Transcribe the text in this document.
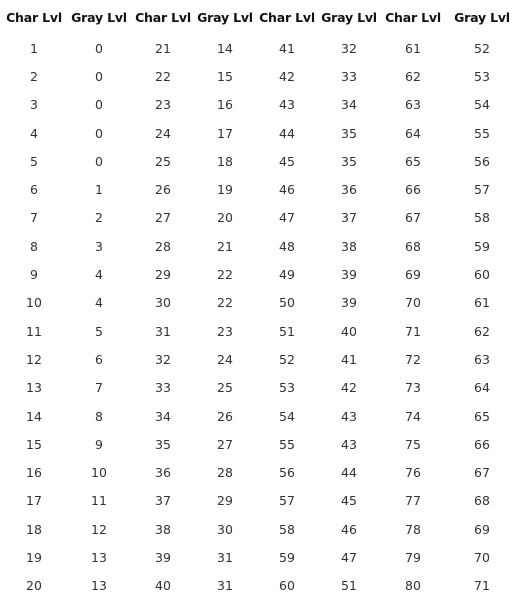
Char Lvl	Gray Lvl	Char Lvl	Gray Lvl	Char Lvl	Gray Lvl	Char Lvl	Gray Lvl
1	0	21	14	41	32	61	52
2	0	22	15	42	33	62	53
3	0	23	16	43	34	63	54
4	0	24	17	44	35	64	55
5	0	25	18	45	35	65	56
6	1	26	19	46	36	66	57
7	2	27	20	47	37	67	58
8	3	28	21	48	38	68	59
9	4	29	22	49	39	69	60
10	4	30	22	50	39	70	61
11	5	31	23	51	40	71	62
12	6	32	24	52	41	72	63
13	7	33	25	53	42	73	64
14	8	34	26	54	43	74	65
15	9	35	27	55	43	75	66
16	10	36	28	56	44	76	67
17	11	37	29	57	45	77	68
18	12	38	30	58	46	78	69
19	13	39	31	59	47	79	70
20	13	40	31	60	51	80	71
